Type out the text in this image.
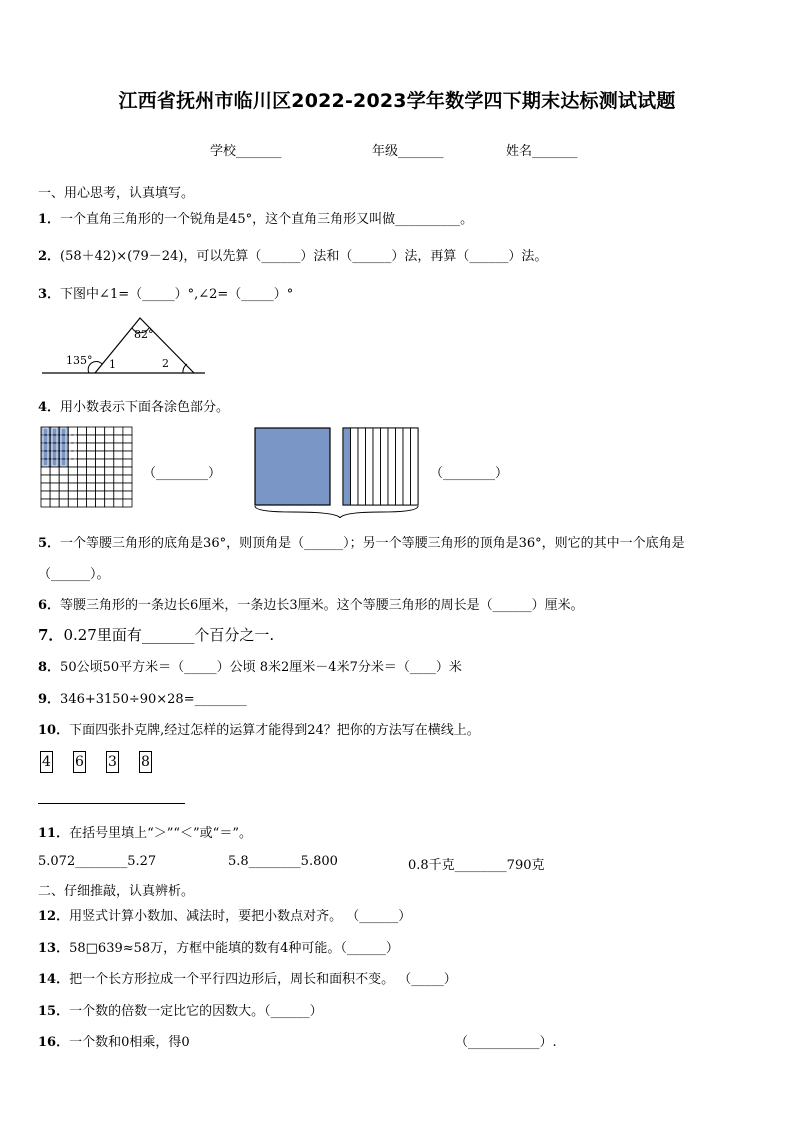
江西省抚州市临川区2022-2023学年数学四下期末达标测试试题
学校_______	年级_______	姓名_______
一、用心思考，认真填写。
1．一个直角三角形的一个锐角是45°，这个直角三角形又叫做__________。
2．(58＋42)×(79－24)，可以先算（______）法和（______）法，再算（______）法。
3．下图中∠1=（_____）°,∠2=（_____）°
82°
135° 1	2
4．用小数表示下面各涂色部分。
（________）	（________）
5．一个等腰三角形的底角是36°，则顶角是（______）；另一个等腰三角形的顶角是36°，则它的其中一个底角是
（______）。
6．等腰三角形的一条边长6厘米，一条边长3厘米。这个等腰三角形的周长是（______）厘米。
7．0.27里面有_______个百分之一.
8．50公顷50平方米＝（_____）公顷 8米2厘米－4米7分米＝（____）米
9．346+3150÷90×28=________
10．下面四张扑克牌,经过怎样的运算才能得到24？把你的方法写在横线上。
4 6 3 8
11．在括号里填上“＞”“＜”或“＝”。
5.072________5.27	5.8________5.800	0.8千克________790克
二、仔细推敲，认真辨析。
12．用竖式计算小数加、减法时，要把小数点对齐。 （______）
13．58□639≈58万，方框中能填的数有4种可能。（______）
14．把一个长方形拉成一个平行四边形后，周长和面积不变。 （_____）
15．一个数的倍数一定比它的因数大。（______）
16．一个数和0相乘，得0	（___________）.
